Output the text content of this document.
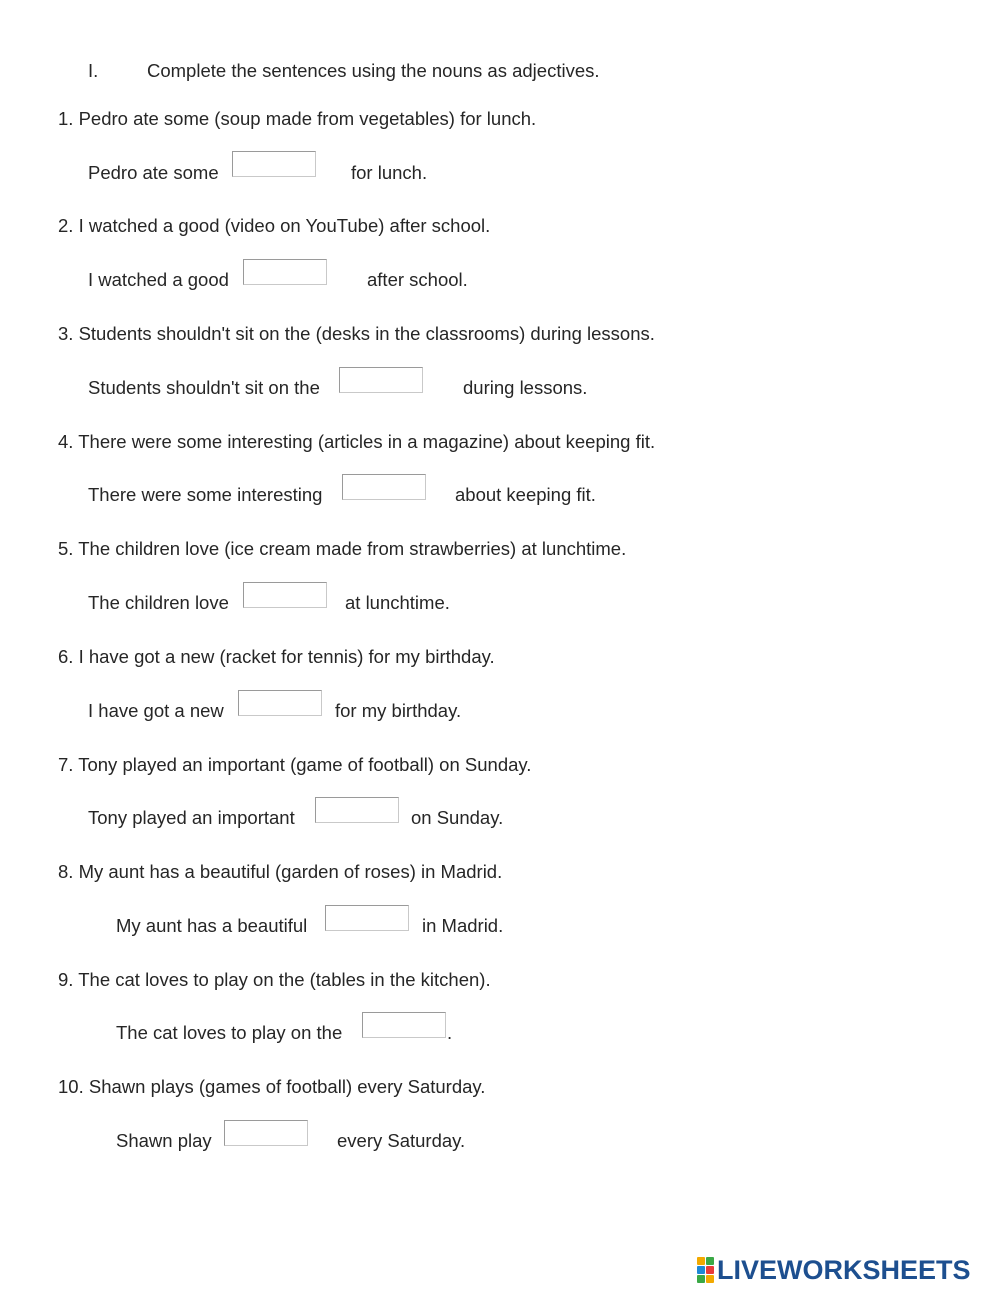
I.	Complete the sentences using the nouns as adjectives.
1. Pedro ate some (soup made from vegetables) for lunch.
Pedro ate some	for lunch.
2. I watched a good (video on YouTube) after school.
I watched a good	after school.
3. Students shouldn't sit on the (desks in the classrooms) during lessons.
Students shouldn't sit on the	during lessons.
4. There were some interesting (articles in a magazine) about keeping fit.
There were some interesting	about keeping fit.
5. The children love (ice cream made from strawberries) at lunchtime.
The children love	at lunchtime.
6. I have got a new (racket for tennis) for my birthday.
I have got a new	for my birthday.
7. Tony played an important (game of football) on Sunday.
Tony played an important	on Sunday.
8. My aunt has a beautiful (garden of roses) in Madrid.
My aunt has a beautiful	in Madrid.
9. The cat loves to play on the (tables in the kitchen).
The cat loves to play on the	.
10. Shawn plays (games of football) every Saturday.
Shawn play	every Saturday.
LIVEWORKSHEETS
